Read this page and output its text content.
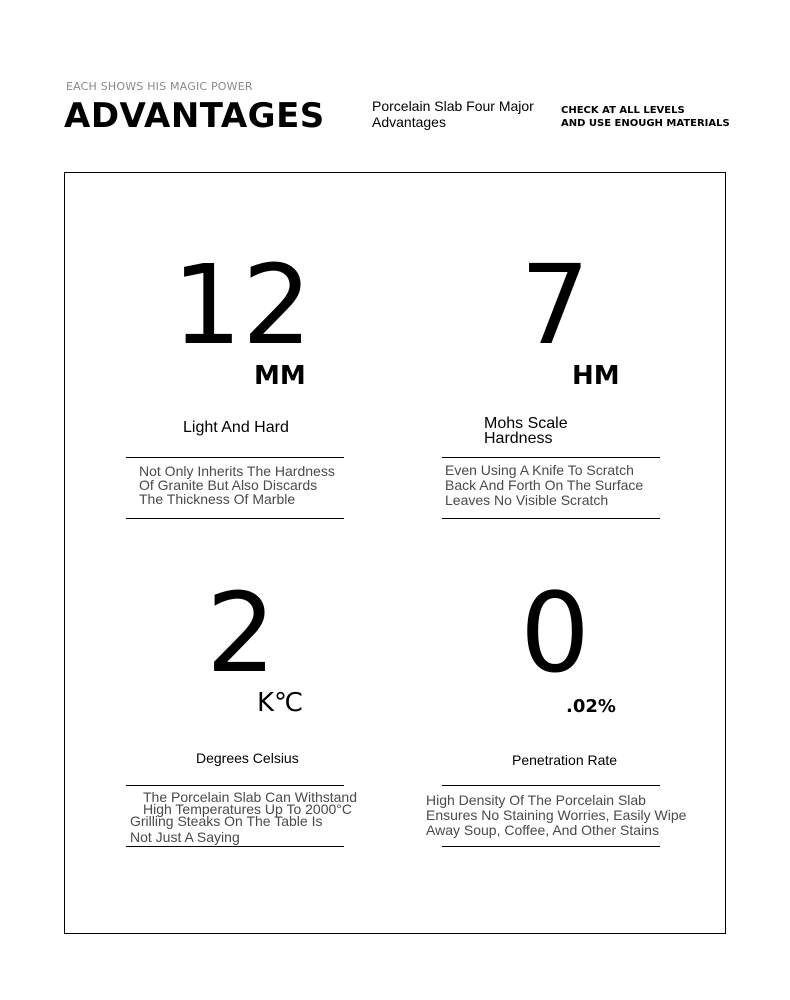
EACH SHOWS HIS MAGIC POWER
ADVANTAGES	Porcelain Slab Four Major Advantages
CHECK AT ALL LEVELS
AND USE ENOUGH MATERIALS
12
MM
Light And Hard
Not Only Inherits The Hardness
Of Granite But Also Discards
The Thickness Of Marble
7
HM
Mohs Scale
Hardness
Even Using A Knife To Scratch
Back And Forth On The Surface
Leaves No Visible Scratch
2
K℃
Degrees Celsius
The Porcelain Slab Can Withstand
High Temperatures Up To 2000°C
Grilling Steaks On The Table Is
Not Just A Saying
0
.02%
Penetration Rate
High Density Of The Porcelain Slab
Ensures No Staining Worries, Easily Wipe
Away Soup, Coffee, And Other Stains
